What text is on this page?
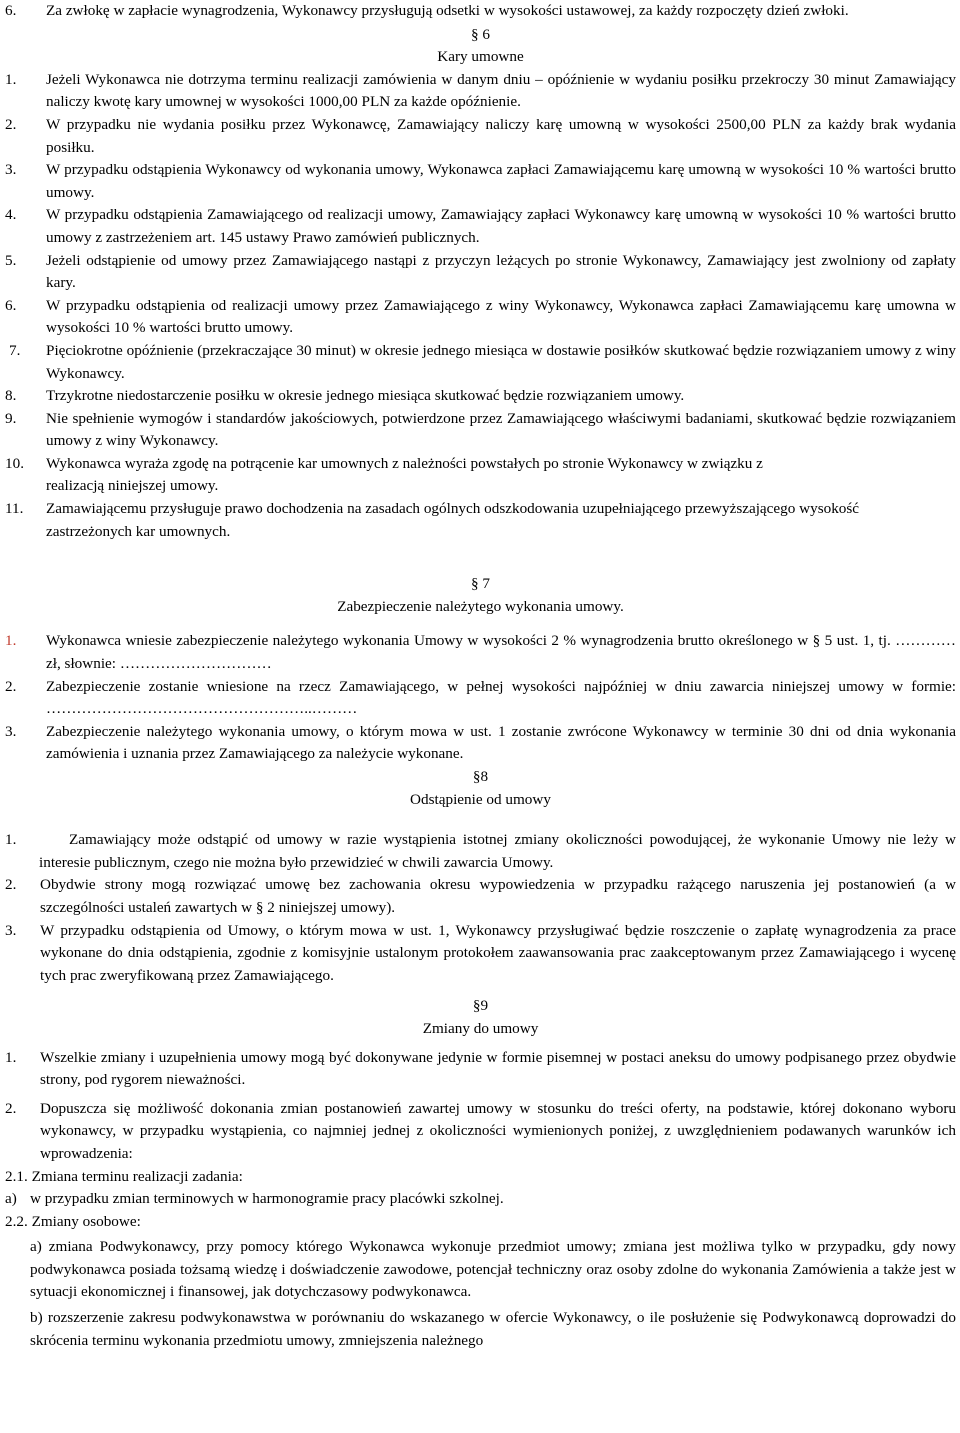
6.	Za zwłokę w zapłacie wynagrodzenia, Wykonawcy przysługują odsetki w wysokości ustawowej, za każdy rozpoczęty dzień zwłoki.
§ 6
Kary umowne
1.	Jeżeli Wykonawca nie dotrzyma terminu realizacji zamówienia w danym dniu – opóźnienie w wydaniu posiłku przekroczy 30 minut Zamawiający naliczy kwotę kary umownej w wysokości 1000,00 PLN za każde opóźnienie.
2.	W przypadku nie wydania posiłku przez Wykonawcę, Zamawiający naliczy karę umowną w wysokości 2500,00 PLN za każdy brak wydania posiłku.
3.	W przypadku odstąpienia Wykonawcy od wykonania umowy, Wykonawca zapłaci Zamawiającemu karę umowną w wysokości 10 % wartości brutto umowy.
4.	W przypadku odstąpienia Zamawiającego od realizacji umowy, Zamawiający zapłaci Wykonawcy karę umowną w wysokości 10 % wartości brutto umowy z zastrzeżeniem art. 145 ustawy Prawo zamówień publicznych.
5.	Jeżeli odstąpienie od umowy przez Zamawiającego nastąpi z przyczyn leżących po stronie Wykonawcy, Zamawiający jest zwolniony od zapłaty kary.
6.	W przypadku odstąpienia od realizacji umowy przez Zamawiającego z winy Wykonawcy, Wykonawca zapłaci Zamawiającemu karę umowna w wysokości 10 % wartości brutto umowy.
7.	Pięciokrotne opóźnienie (przekraczające 30 minut) w okresie jednego miesiąca w dostawie posiłków skutkować będzie rozwiązaniem umowy z winy Wykonawcy.
8.	Trzykrotne niedostarczenie posiłku w okresie jednego miesiąca skutkować będzie rozwiązaniem umowy.
9.	Nie spełnienie wymogów i standardów jakościowych, potwierdzone przez Zamawiającego właściwymi badaniami, skutkować będzie rozwiązaniem umowy z winy Wykonawcy.
10.	Wykonawca wyraża zgodę na potrącenie kar umownych z należności powstałych po stronie Wykonawcy w związku z realizacją niniejszej umowy.
11.	Zamawiającemu przysługuje prawo dochodzenia na zasadach ogólnych odszkodowania uzupełniającego przewyższającego wysokość zastrzeżonych kar umownych.
§ 7
Zabezpieczenie należytego wykonania umowy.
1.	Wykonawca wniesie zabezpieczenie należytego wykonania Umowy w wysokości 2 % wynagrodzenia brutto określonego w § 5 ust. 1, tj. ………… zł, słownie: …………………………
2.	Zabezpieczenie zostanie wniesione na rzecz Zamawiającego, w pełnej wysokości najpóźniej w dniu zawarcia niniejszej umowy w formie: ……………………………………………..………
3.	Zabezpieczenie należytego wykonania umowy, o którym mowa w ust. 1 zostanie zwrócone Wykonawcy w terminie 30 dni od dnia wykonania zamówienia i uznania przez Zamawiającego za należycie wykonane.
§8
Odstąpienie od umowy
1.	Zamawiający może odstąpić od umowy w razie wystąpienia istotnej zmiany okoliczności powodującej, że wykonanie Umowy nie leży w interesie publicznym, czego nie można było przewidzieć w chwili zawarcia Umowy.
2.	Obydwie strony mogą rozwiązać umowę bez zachowania okresu wypowiedzenia w przypadku rażącego naruszenia jej postanowień (a w szczególności ustaleń zawartych w § 2 niniejszej umowy).
3.	W przypadku odstąpienia od Umowy, o którym mowa w ust. 1, Wykonawcy przysługiwać będzie roszczenie o zapłatę wynagrodzenia za prace wykonane do dnia odstąpienia, zgodnie z komisyjnie ustalonym protokołem zaawansowania prac zaakceptowanym przez Zamawiającego i wycenę tych prac zweryfikowaną przez Zamawiającego.
§9
Zmiany do umowy
1.	Wszelkie zmiany i uzupełnienia umowy mogą być dokonywane jedynie w formie pisemnej w postaci aneksu do umowy podpisanego przez obydwie strony, pod rygorem nieważności.
2.	Dopuszcza się możliwość dokonania zmian postanowień zawartej umowy w stosunku do treści oferty, na podstawie, której dokonano wyboru wykonawcy, w przypadku wystąpienia, co najmniej jednej z okoliczności wymienionych poniżej, z uwzględnieniem podawanych warunków ich wprowadzenia:
2.1. Zmiana terminu realizacji zadania:
a) w przypadku zmian terminowych w harmonogramie pracy placówki szkolnej.
2.2. Zmiany osobowe:
a) zmiana Podwykonawcy, przy pomocy którego Wykonawca wykonuje przedmiot umowy; zmiana jest możliwa tylko w przypadku, gdy nowy podwykonawca posiada tożsamą wiedzę i doświadczenie zawodowe, potencjał techniczny oraz osoby zdolne do wykonania Zamówienia a także jest w sytuacji ekonomicznej i finansowej, jak dotychczasowy podwykonawca.
b) rozszerzenie zakresu podwykonawstwa w porównaniu do wskazanego w ofercie Wykonawcy, o ile posłużenie się Podwykonawcą doprowadzi do skrócenia terminu wykonania przedmiotu umowy, zmniejszenia należnego
